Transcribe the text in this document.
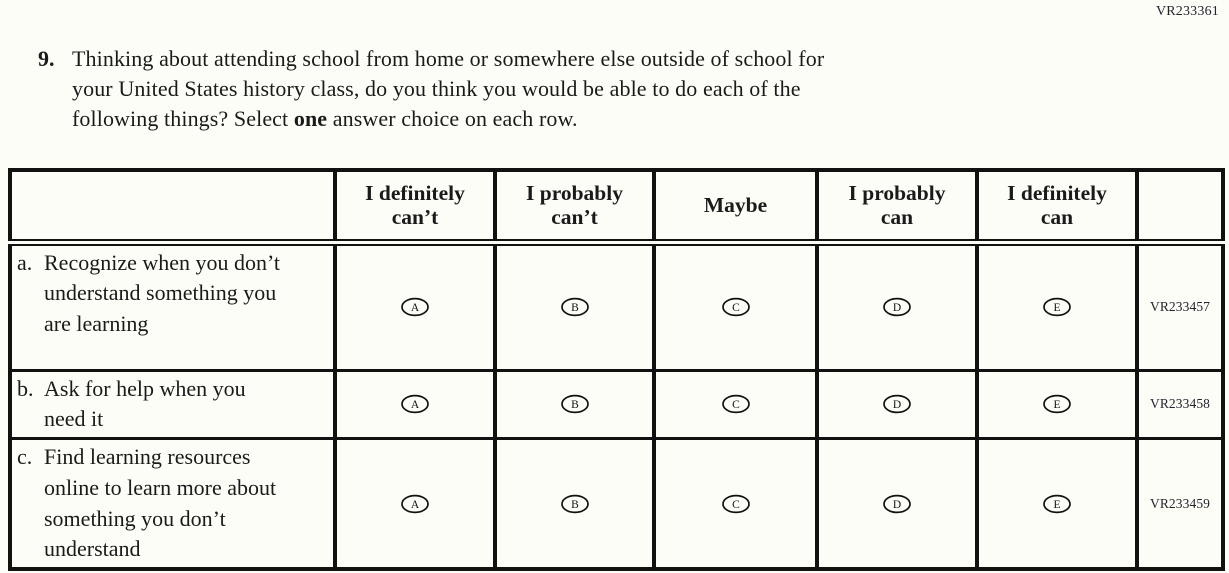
VR233361
9. Thinking about attending school from home or somewhere else outside of school for
your United States history class, do you think you would be able to do each of the
following things? Select one answer choice on each row.
	I definitely can’t	I probably can’t	Maybe	I probably can	I definitely can	

a. Recognize when you don’t understand something you are learning	A	B	C	D	E	VR233457

b. Ask for help when you need it	A	B	C	D	E	VR233458

c. Find learning resources online to learn more about something you don’t understand	A	B	C	D	E	VR233459
